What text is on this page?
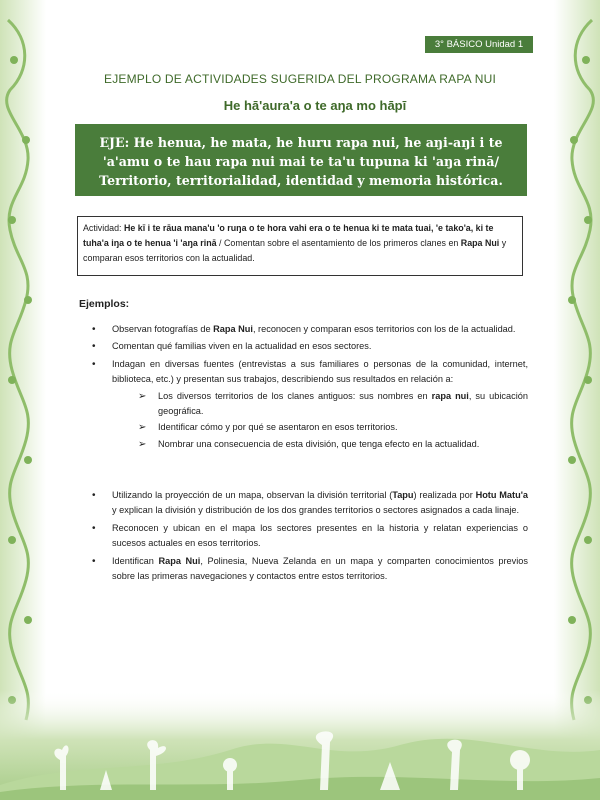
3° BÁSICO Unidad 1
EJEMPLO DE ACTIVIDADES SUGERIDA DEL PROGRAMA RAPA NUI
He hā'aura'a o te aŋa mo hāpī
EJE: He henua, he mata, he huru rapa nui, he aŋi-aŋi i te 'a'amu o te hau rapa nui mai te ta'u tupuna ki 'aŋa rinā/ Territorio, territorialidad, identidad y memoria histórica.
Actividad: He kī i te rāua mana'u 'o ruŋa o te hora vahi era o te henua ki te mata tuai, 'e tako'a, ki te tuha'a iŋa o te henua 'i 'aŋa rinā / Comentan sobre el asentamiento de los primeros clanes en Rapa Nui y comparan esos territorios con la actualidad.
Ejemplos:
• Observan fotografías de Rapa Nui, reconocen y comparan esos territorios con los de la actualidad.
• Comentan qué familias viven en la actualidad en esos sectores.
• Indagan en diversas fuentes (entrevistas a sus familiares o personas de la comunidad, internet, biblioteca, etc.) y presentan sus trabajos, describiendo sus resultados en relación a:
➢ Los diversos territorios de los clanes antiguos: sus nombres en rapa nui, su ubicación geográfica.
➢ Identificar cómo y por qué se asentaron en esos territorios.
➢ Nombrar una consecuencia de esta división, que tenga efecto en la actualidad.
• Utilizando la proyección de un mapa, observan la división territorial (Tapu) realizada por Hotu Matu'a y explican la división y distribución de los dos grandes territorios o sectores asignados a cada linaje.
• Reconocen y ubican en el mapa los sectores presentes en la historia y relatan experiencias o sucesos actuales en esos territorios.
• Identifican Rapa Nui, Polinesia, Nueva Zelanda en un mapa y comparten conocimientos previos sobre las primeras navegaciones y contactos entre estos territorios.
